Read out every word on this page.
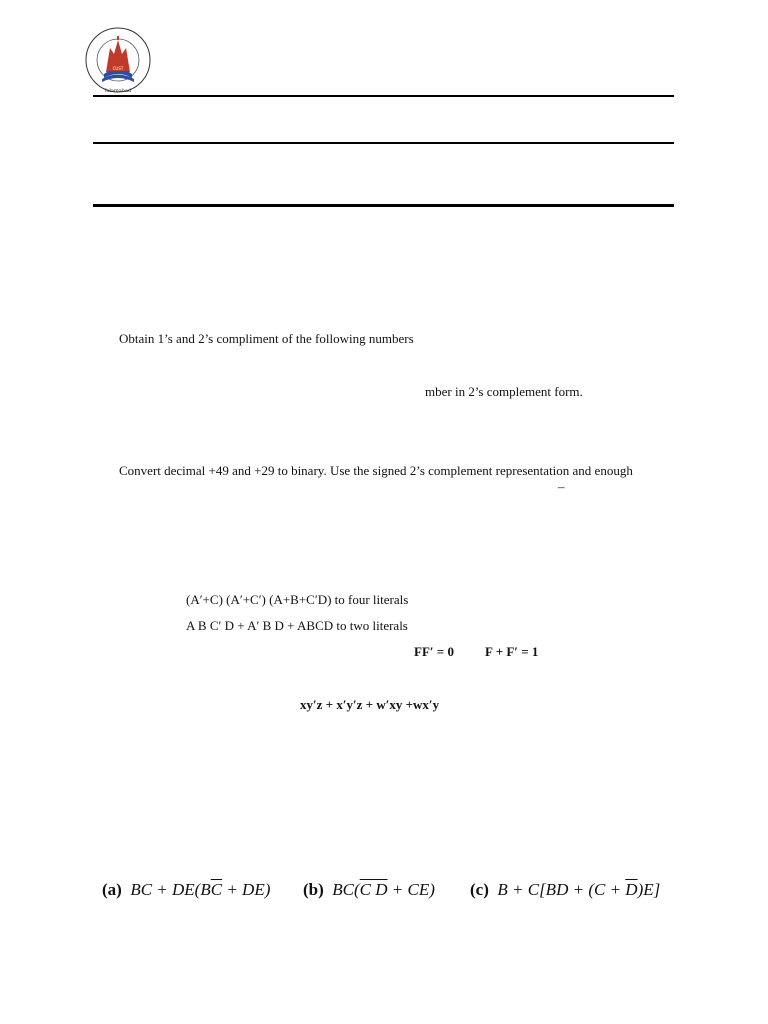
CUST
Islamabad
Obtain 1’s and 2’s compliment of the following numbers
mber in 2’s complement form.
Convert decimal +49 and +29 to binary. Use the signed 2’s complement representation and enough
–
(A′+C) (A′+C′) (A+B+C′D) to four literals
A B C′ D + A′ B D + ABCD to two literals
FF′ = 0 F + F′ = 1
xy′z + x′y′z + w′xy +wx′y
(a) BC + $DE(B\overline{C} + DE)$ (b) BC(C D + CE) (c) $B + C[BD + (C + \overline{D})E]$
